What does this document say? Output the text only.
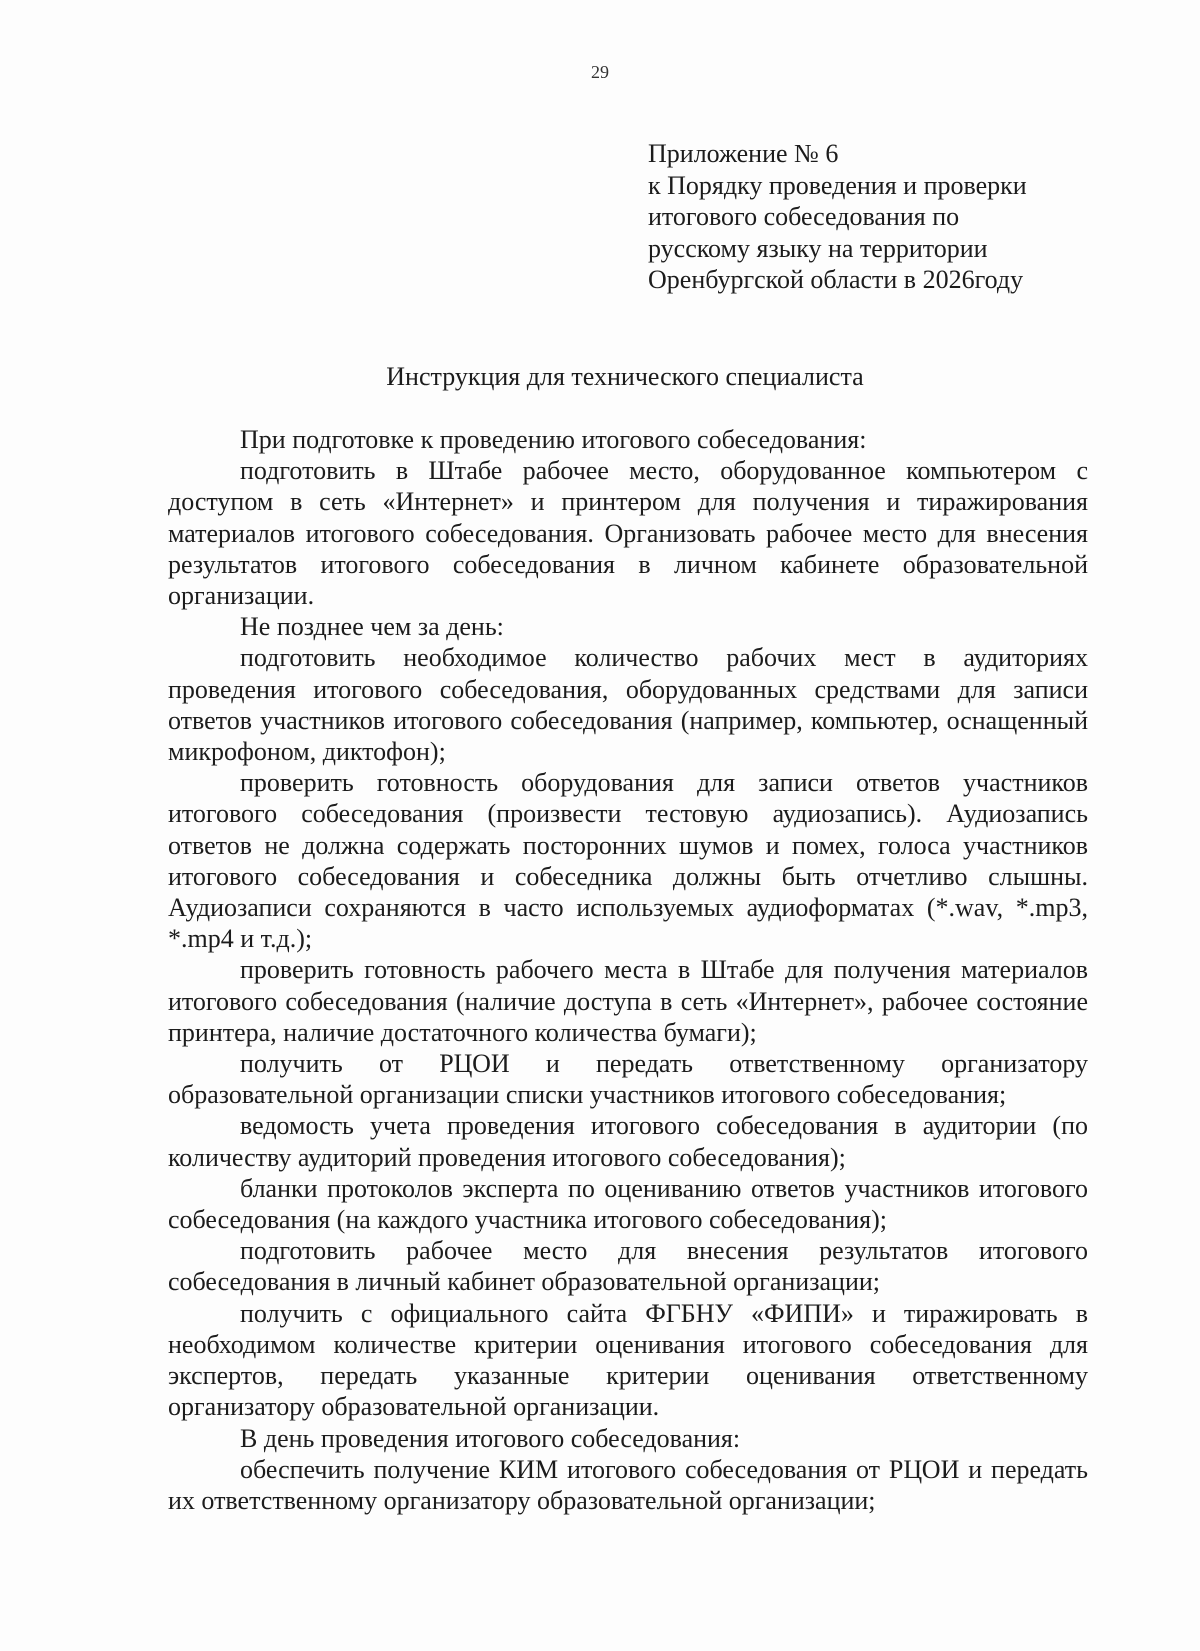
29
Приложение № 6
к Порядку проведения и проверки
итогового собеседования по
русскому языку на территории
Оренбургской области в 2026году
Инструкция для технического специалиста

При подготовке к проведению итогового собеседования:

подготовить в Штабе рабочее место, оборудованное компьютером с доступом в сеть «Интернет» и принтером для получения и тиражирования материалов итогового собеседования. Организовать рабочее место для внесения результатов итогового собеседования в личном кабинете образовательной организации.

Не позднее чем за день:

подготовить необходимое количество рабочих мест в аудиториях проведения итогового собеседования, оборудованных средствами для записи ответов участников итогового собеседования (например, компьютер, оснащенный микрофоном, диктофон);

проверить готовность оборудования для записи ответов участников итогового собеседования (произвести тестовую аудиозапись). Аудиозапись ответов не должна содержать посторонних шумов и помех, голоса участников итогового собеседования и собеседника должны быть отчетливо слышны. Аудиозаписи сохраняются в часто используемых аудиоформатах (*.wav, *.mp3, *.mp4 и т.д.);

проверить готовность рабочего места в Штабе для получения материалов итогового собеседования (наличие доступа в сеть «Интернет», рабочее состояние принтера, наличие достаточного количества бумаги);

получить от РЦОИ и передать ответственному организатору образовательной организации списки участников итогового собеседования;

ведомость учета проведения итогового собеседования в аудитории (по количеству аудиторий проведения итогового собеседования);

бланки протоколов эксперта по оцениванию ответов участников итогового собеседования (на каждого участника итогового собеседования);

подготовить рабочее место для внесения результатов итогового собеседования в личный кабинет образовательной организации;

получить с официального сайта ФГБНУ «ФИПИ» и тиражировать в необходимом количестве критерии оценивания итогового собеседования для экспертов, передать указанные критерии оценивания ответственному организатору образовательной организации.

В день проведения итогового собеседования:

обеспечить получение КИМ итогового собеседования от РЦОИ и передать их ответственному организатору образовательной организации;
